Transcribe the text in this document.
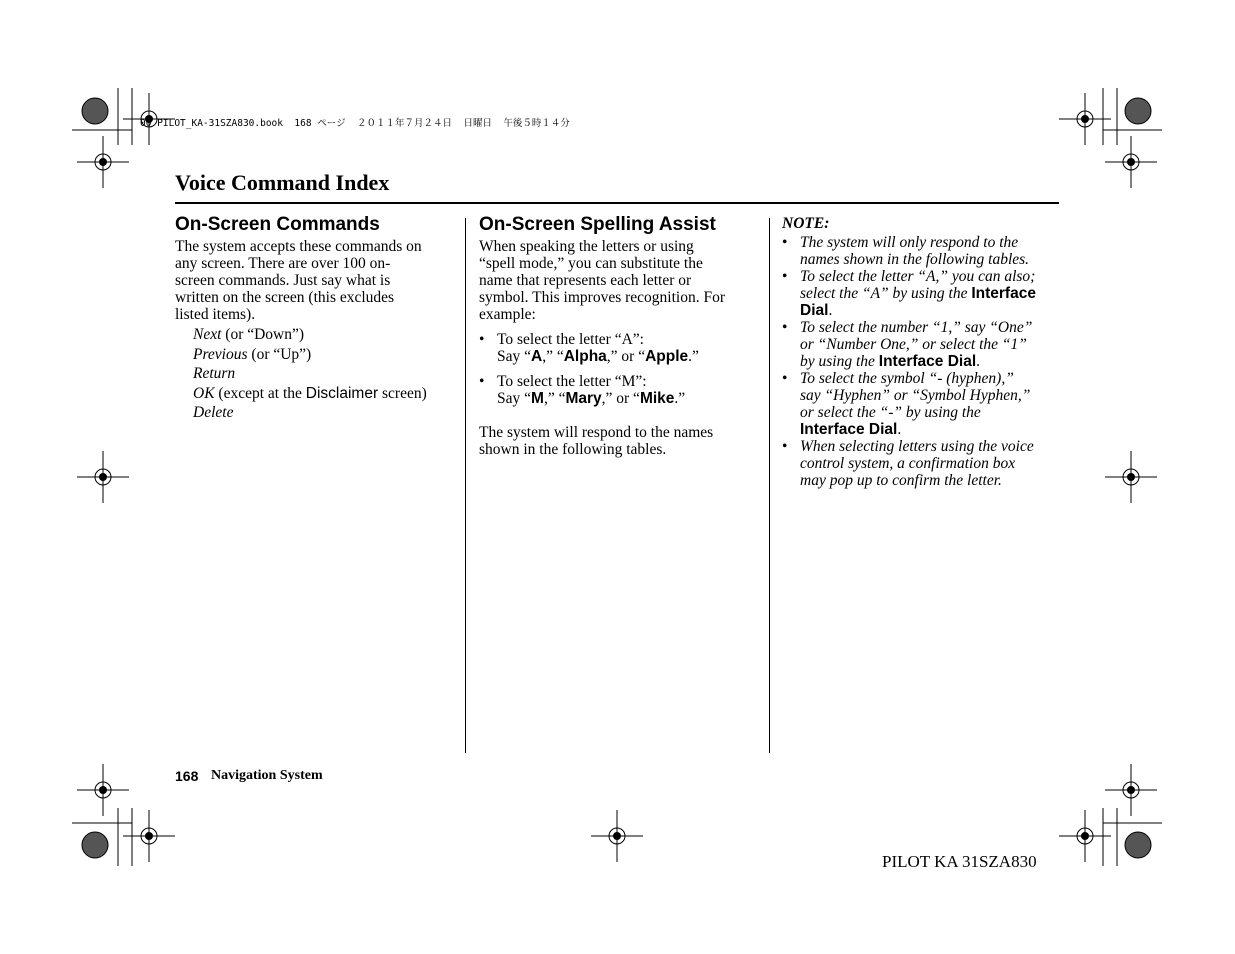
00 PILOT_KA-31SZA830.book  168 ページ  ２０１１年７月２４日  日曜日  午後５時１４分
Voice Command Index
On-Screen Commands
The system accepts these commands on
any screen. There are over 100 on-
screen commands. Just say what is
written on the screen (this excludes
listed items).
Next (or “Down”)
Previous (or “Up”)
Return
OK (except at the Disclaimer screen)
Delete
On-Screen Spelling Assist
When speaking the letters or using
“spell mode,” you can substitute the
name that represents each letter or
symbol. This improves recognition. For
example:
• To select the letter “A”:
Say “A,” “Alpha,” or “Apple.”
• To select the letter “M”:
Say “M,” “Mary,” or “Mike.”
The system will respond to the names
shown in the following tables.
NOTE:
• The system will only respond to the
names shown in the following tables.
• To select the letter “A,” you can also;
select the “A” by using the Interface
Dial.
• To select the number “1,” say “One”
or “Number One,” or select the “1”
by using the Interface Dial.
• To select the symbol “- (hyphen),”
say “Hyphen” or “Symbol Hyphen,”
or select the “-” by using the
Interface Dial.
• When selecting letters using the voice
control system, a confirmation box
may pop up to confirm the letter.
168 Navigation System
PILOT KA 31SZA830
